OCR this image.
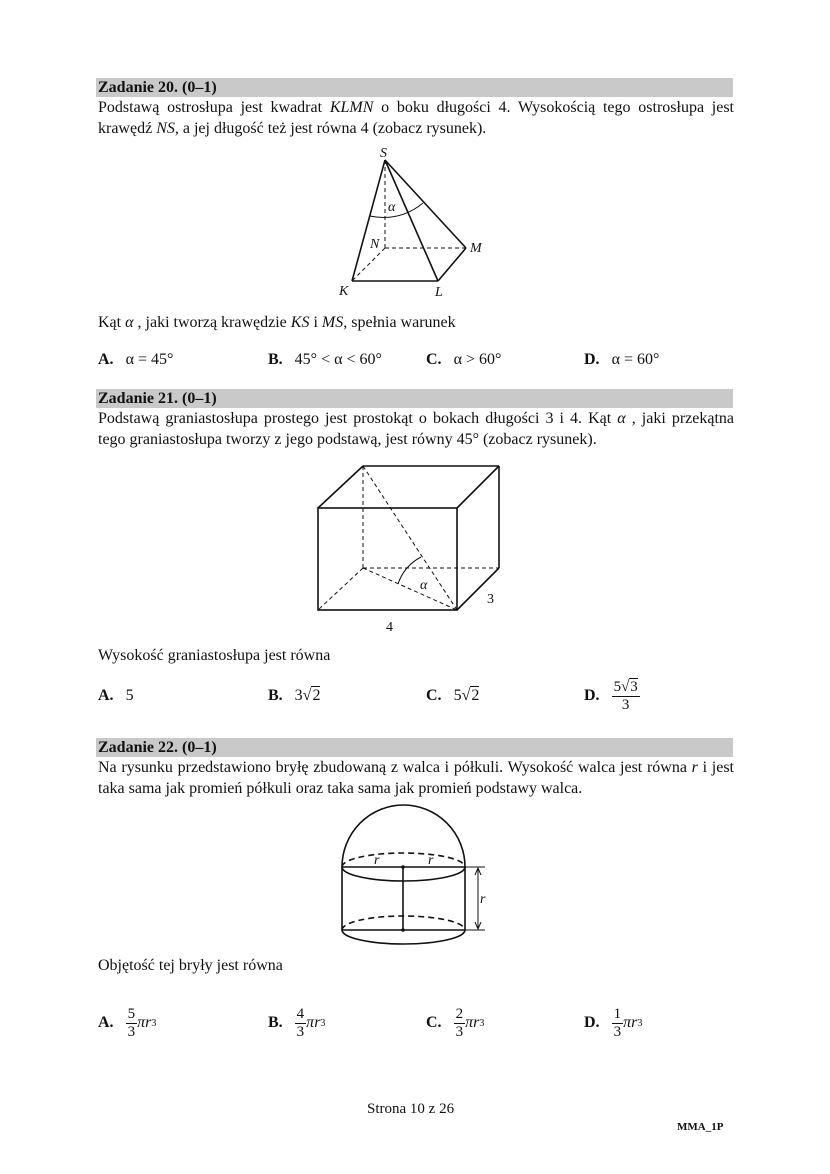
Zadanie 20. (0–1)
Podstawą ostrosłupa jest kwadrat KLMN o boku długości 4. Wysokością tego ostrosłupa jest krawędź NS, a jej długość też jest równa 4 (zobacz rysunek).
S
α
N	M
K	L
α
3
4
r	r
r
Kąt α , jaki tworzą krawędzie KS i MS, spełnia warunek
A. α = 45°	B. 45° < α < 60°	C. α > 60°	D. α = 60°
Zadanie 21. (0–1)
Podstawą graniastosłupa prostego jest prostokąt o bokach długości 3 i 4. Kąt α , jaki przekątna tego graniastosłupa tworzy z jego podstawą, jest równy 45° (zobacz rysunek).
Wysokość graniastosłupa jest równa
A. 5	B. 3√2	C. 5√2	D. $\frac{5√3}{3}$
Zadanie 22. (0–1)
Na rysunku przedstawiono bryłę zbudowaną z walca i półkuli. Wysokość walca jest równa r i jest taka sama jak promień półkuli oraz taka sama jak promień podstawy walca.
Objętość tej bryły jest równa
A. $\frac{5}{3}$ πr 3	B. $\frac{4}{3}$ πr 3	C. $\frac{2}{3}$ πr 3	D. $\frac{1}{3}$ πr 3
Strona 10 z 26
MMA_1P
